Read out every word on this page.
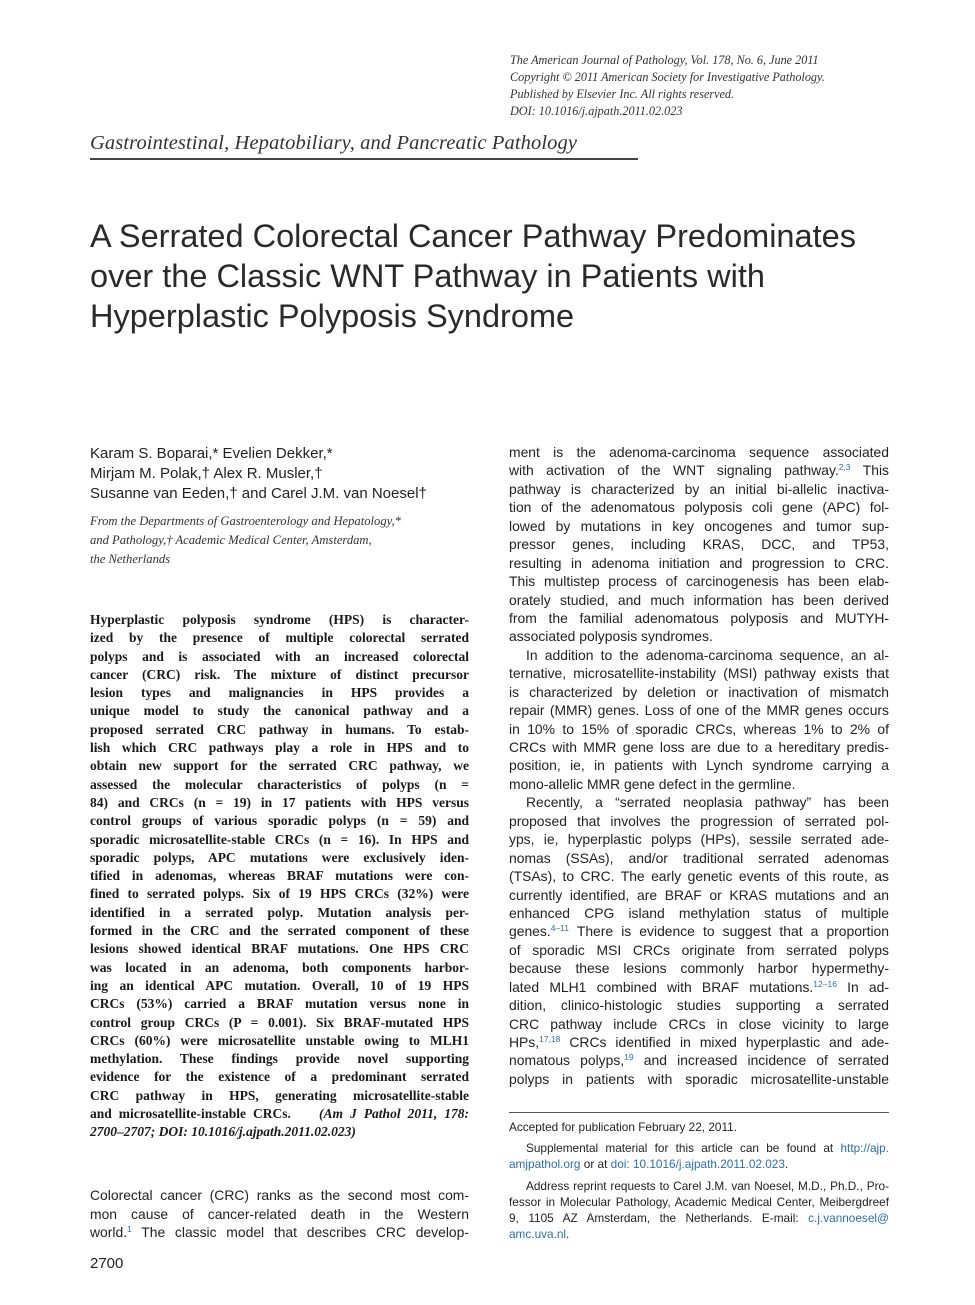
The American Journal of Pathology, Vol. 178, No. 6, June 2011
Copyright © 2011 American Society for Investigative Pathology.
Published by Elsevier Inc. All rights reserved.
DOI: 10.1016/j.ajpath.2011.02.023
Gastrointestinal, Hepatobiliary, and Pancreatic Pathology
A Serrated Colorectal Cancer Pathway Predominates
over the Classic WNT Pathway in Patients with
Hyperplastic Polyposis Syndrome
Karam S. Boparai,* Evelien Dekker,*
Mirjam M. Polak,† Alex R. Musler,†
Susanne van Eeden,† and Carel J.M. van Noesel†
From the Departments of Gastroenterology and Hepatology,*
and Pathology,† Academic Medical Center, Amsterdam,
the Netherlands
Hyperplastic polyposis syndrome (HPS) is character-
ized by the presence of multiple colorectal serrated
polyps and is associated with an increased colorectal
cancer (CRC) risk. The mixture of distinct precursor
lesion types and malignancies in HPS provides a
unique model to study the canonical pathway and a
proposed serrated CRC pathway in humans. To estab-
lish which CRC pathways play a role in HPS and to
obtain new support for the serrated CRC pathway, we
assessed the molecular characteristics of polyps (n =
84) and CRCs (n = 19) in 17 patients with HPS versus
control groups of various sporadic polyps (n = 59) and
sporadic microsatellite-stable CRCs (n = 16). In HPS and
sporadic polyps, APC mutations were exclusively iden-
tified in adenomas, whereas BRAF mutations were con-
fined to serrated polyps. Six of 19 HPS CRCs (32%) were
identified in a serrated polyp. Mutation analysis per-
formed in the CRC and the serrated component of these
lesions showed identical BRAF mutations. One HPS CRC
was located in an adenoma, both components harbor-
ing an identical APC mutation. Overall, 10 of 19 HPS
CRCs (53%) carried a BRAF mutation versus none in
control group CRCs (P = 0.001). Six BRAF-mutated HPS
CRCs (60%) were microsatellite unstable owing to MLH1
methylation. These findings provide novel supporting
evidence for the existence of a predominant serrated
CRC pathway in HPS, generating microsatellite-stable
and microsatellite-instable CRCs. (Am J Pathol 2011, 178:
2700–2707; DOI: 10.1016/j.ajpath.2011.02.023)
Colorectal cancer (CRC) ranks as the second most com-
mon cause of cancer-related death in the Western
world.$^1$ The classic model that describes CRC develop-
ment is the adenoma-carcinoma sequence associated
with activation of the WNT signaling pathway.$^{2,3}$ This
pathway is characterized by an initial bi-allelic inactiva-
tion of the adenomatous polyposis coli gene (APC) fol-
lowed by mutations in key oncogenes and tumor sup-
pressor genes, including KRAS, DCC, and TP53,
resulting in adenoma initiation and progression to CRC.
This multistep process of carcinogenesis has been elab-
orately studied, and much information has been derived
from the familial adenomatous polyposis and MUTYH-
associated polyposis syndromes.
In addition to the adenoma-carcinoma sequence, an al-
ternative, microsatellite-instability (MSI) pathway exists that
is characterized by deletion or inactivation of mismatch
repair (MMR) genes. Loss of one of the MMR genes occurs
in 10% to 15% of sporadic CRCs, whereas 1% to 2% of
CRCs with MMR gene loss are due to a hereditary predis-
position, ie, in patients with Lynch syndrome carrying a
mono-allelic MMR gene defect in the germline.
Recently, a “serrated neoplasia pathway” has been
proposed that involves the progression of serrated pol-
yps, ie, hyperplastic polyps (HPs), sessile serrated ade-
nomas (SSAs), and/or traditional serrated adenomas
(TSAs), to CRC. The early genetic events of this route, as
currently identified, are BRAF or KRAS mutations and an
enhanced CPG island methylation status of multiple
genes.$^{4-11}$ There is evidence to suggest that a proportion
of sporadic MSI CRCs originate from serrated polyps
because these lesions commonly harbor hypermethy-
lated MLH1 combined with BRAF mutations.$^{12-16}$ In ad-
dition, clinico-histologic studies supporting a serrated
CRC pathway include CRCs in close vicinity to large
HPs,$^{17,18}$ CRCs identified in mixed hyperplastic and ade-
nomatous polyps,$^{19}$ and increased incidence of serrated
polyps in patients with sporadic microsatellite-unstable
Accepted for publication February 22, 2011.
Supplemental material for this article can be found at http://ajp.
amjpathol.org or at doi: 10.1016/j.ajpath.2011.02.023.
Address reprint requests to Carel J.M. van Noesel, M.D., Ph.D., Pro-
fessor in Molecular Pathology, Academic Medical Center, Meibergdreef
9, 1105 AZ Amsterdam, the Netherlands. E-mail: c.j.vannoesel@
amc.uva.nl.
2700
